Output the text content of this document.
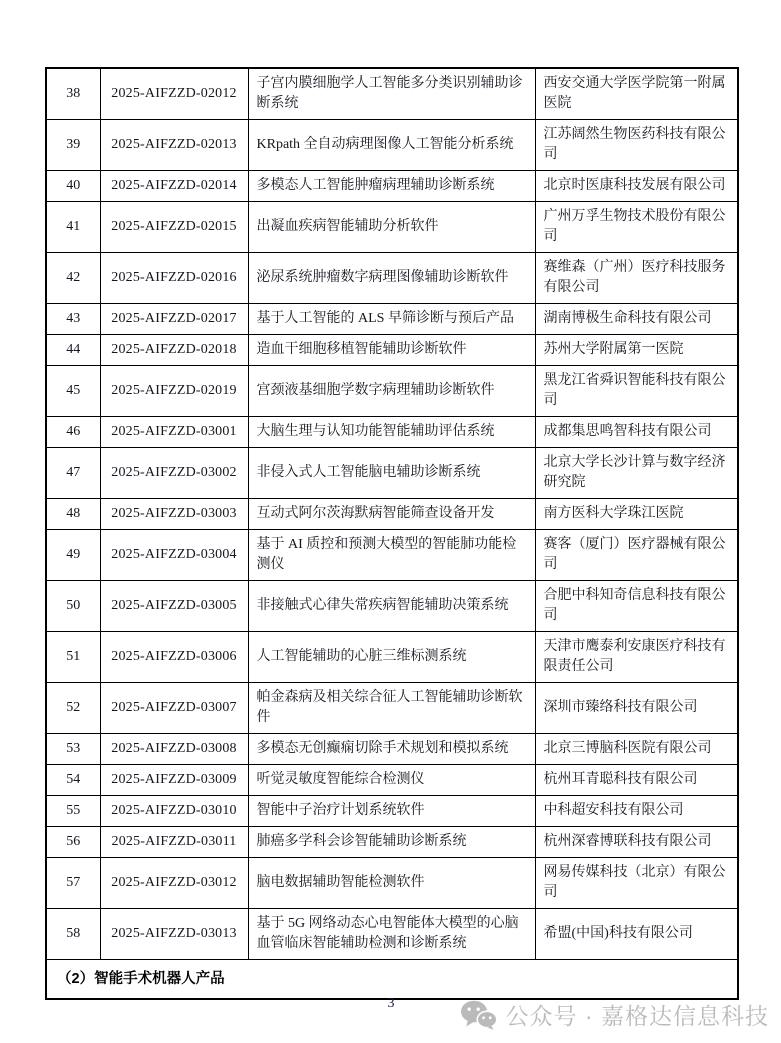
38	2025-AIFZZD-02012	子宫内膜细胞学人工智能多分类识别辅助诊断系统	西安交通大学医学院第一附属医院
39	2025-AIFZZD-02013	KRpath 全自动病理图像人工智能分析系统	江苏阔然生物医药科技有限公司
40	2025-AIFZZD-02014	多模态人工智能肿瘤病理辅助诊断系统	北京时医康科技发展有限公司
41	2025-AIFZZD-02015	出凝血疾病智能辅助分析软件	广州万孚生物技术股份有限公司
42	2025-AIFZZD-02016	泌尿系统肿瘤数字病理图像辅助诊断软件	赛维森（广州）医疗科技服务有限公司
43	2025-AIFZZD-02017	基于人工智能的 ALS 早筛诊断与预后产品	湖南博极生命科技有限公司
44	2025-AIFZZD-02018	造血干细胞移植智能辅助诊断软件	苏州大学附属第一医院
45	2025-AIFZZD-02019	宫颈液基细胞学数字病理辅助诊断软件	黑龙江省舜识智能科技有限公司
46	2025-AIFZZD-03001	大脑生理与认知功能智能辅助评估系统	成都集思鸣智科技有限公司
47	2025-AIFZZD-03002	非侵入式人工智能脑电辅助诊断系统	北京大学长沙计算与数字经济研究院
48	2025-AIFZZD-03003	互动式阿尔茨海默病智能筛查设备开发	南方医科大学珠江医院
49	2025-AIFZZD-03004	基于 AI 质控和预测大模型的智能肺功能检测仪	赛客（厦门）医疗器械有限公司
50	2025-AIFZZD-03005	非接触式心律失常疾病智能辅助决策系统	合肥中科知奇信息科技有限公司
51	2025-AIFZZD-03006	人工智能辅助的心脏三维标测系统	天津市鹰泰利安康医疗科技有限责任公司
52	2025-AIFZZD-03007	帕金森病及相关综合征人工智能辅助诊断软件	深圳市臻络科技有限公司
53	2025-AIFZZD-03008	多模态无创癫痫切除手术规划和模拟系统	北京三博脑科医院有限公司
54	2025-AIFZZD-03009	听觉灵敏度智能综合检测仪	杭州耳青聪科技有限公司
55	2025-AIFZZD-03010	智能中子治疗计划系统软件	中科超安科技有限公司
56	2025-AIFZZD-03011	肺癌多学科会诊智能辅助诊断系统	杭州深睿博联科技有限公司
57	2025-AIFZZD-03012	脑电数据辅助智能检测软件	网易传媒科技（北京）有限公司
58	2025-AIFZZD-03013	基于 5G 网络动态心电智能体大模型的心脑血管临床智能辅助检测和诊断系统	希盟(中国)科技有限公司
（2）智能手术机器人产品			
3	公众号 · 嘉格达信息科技
